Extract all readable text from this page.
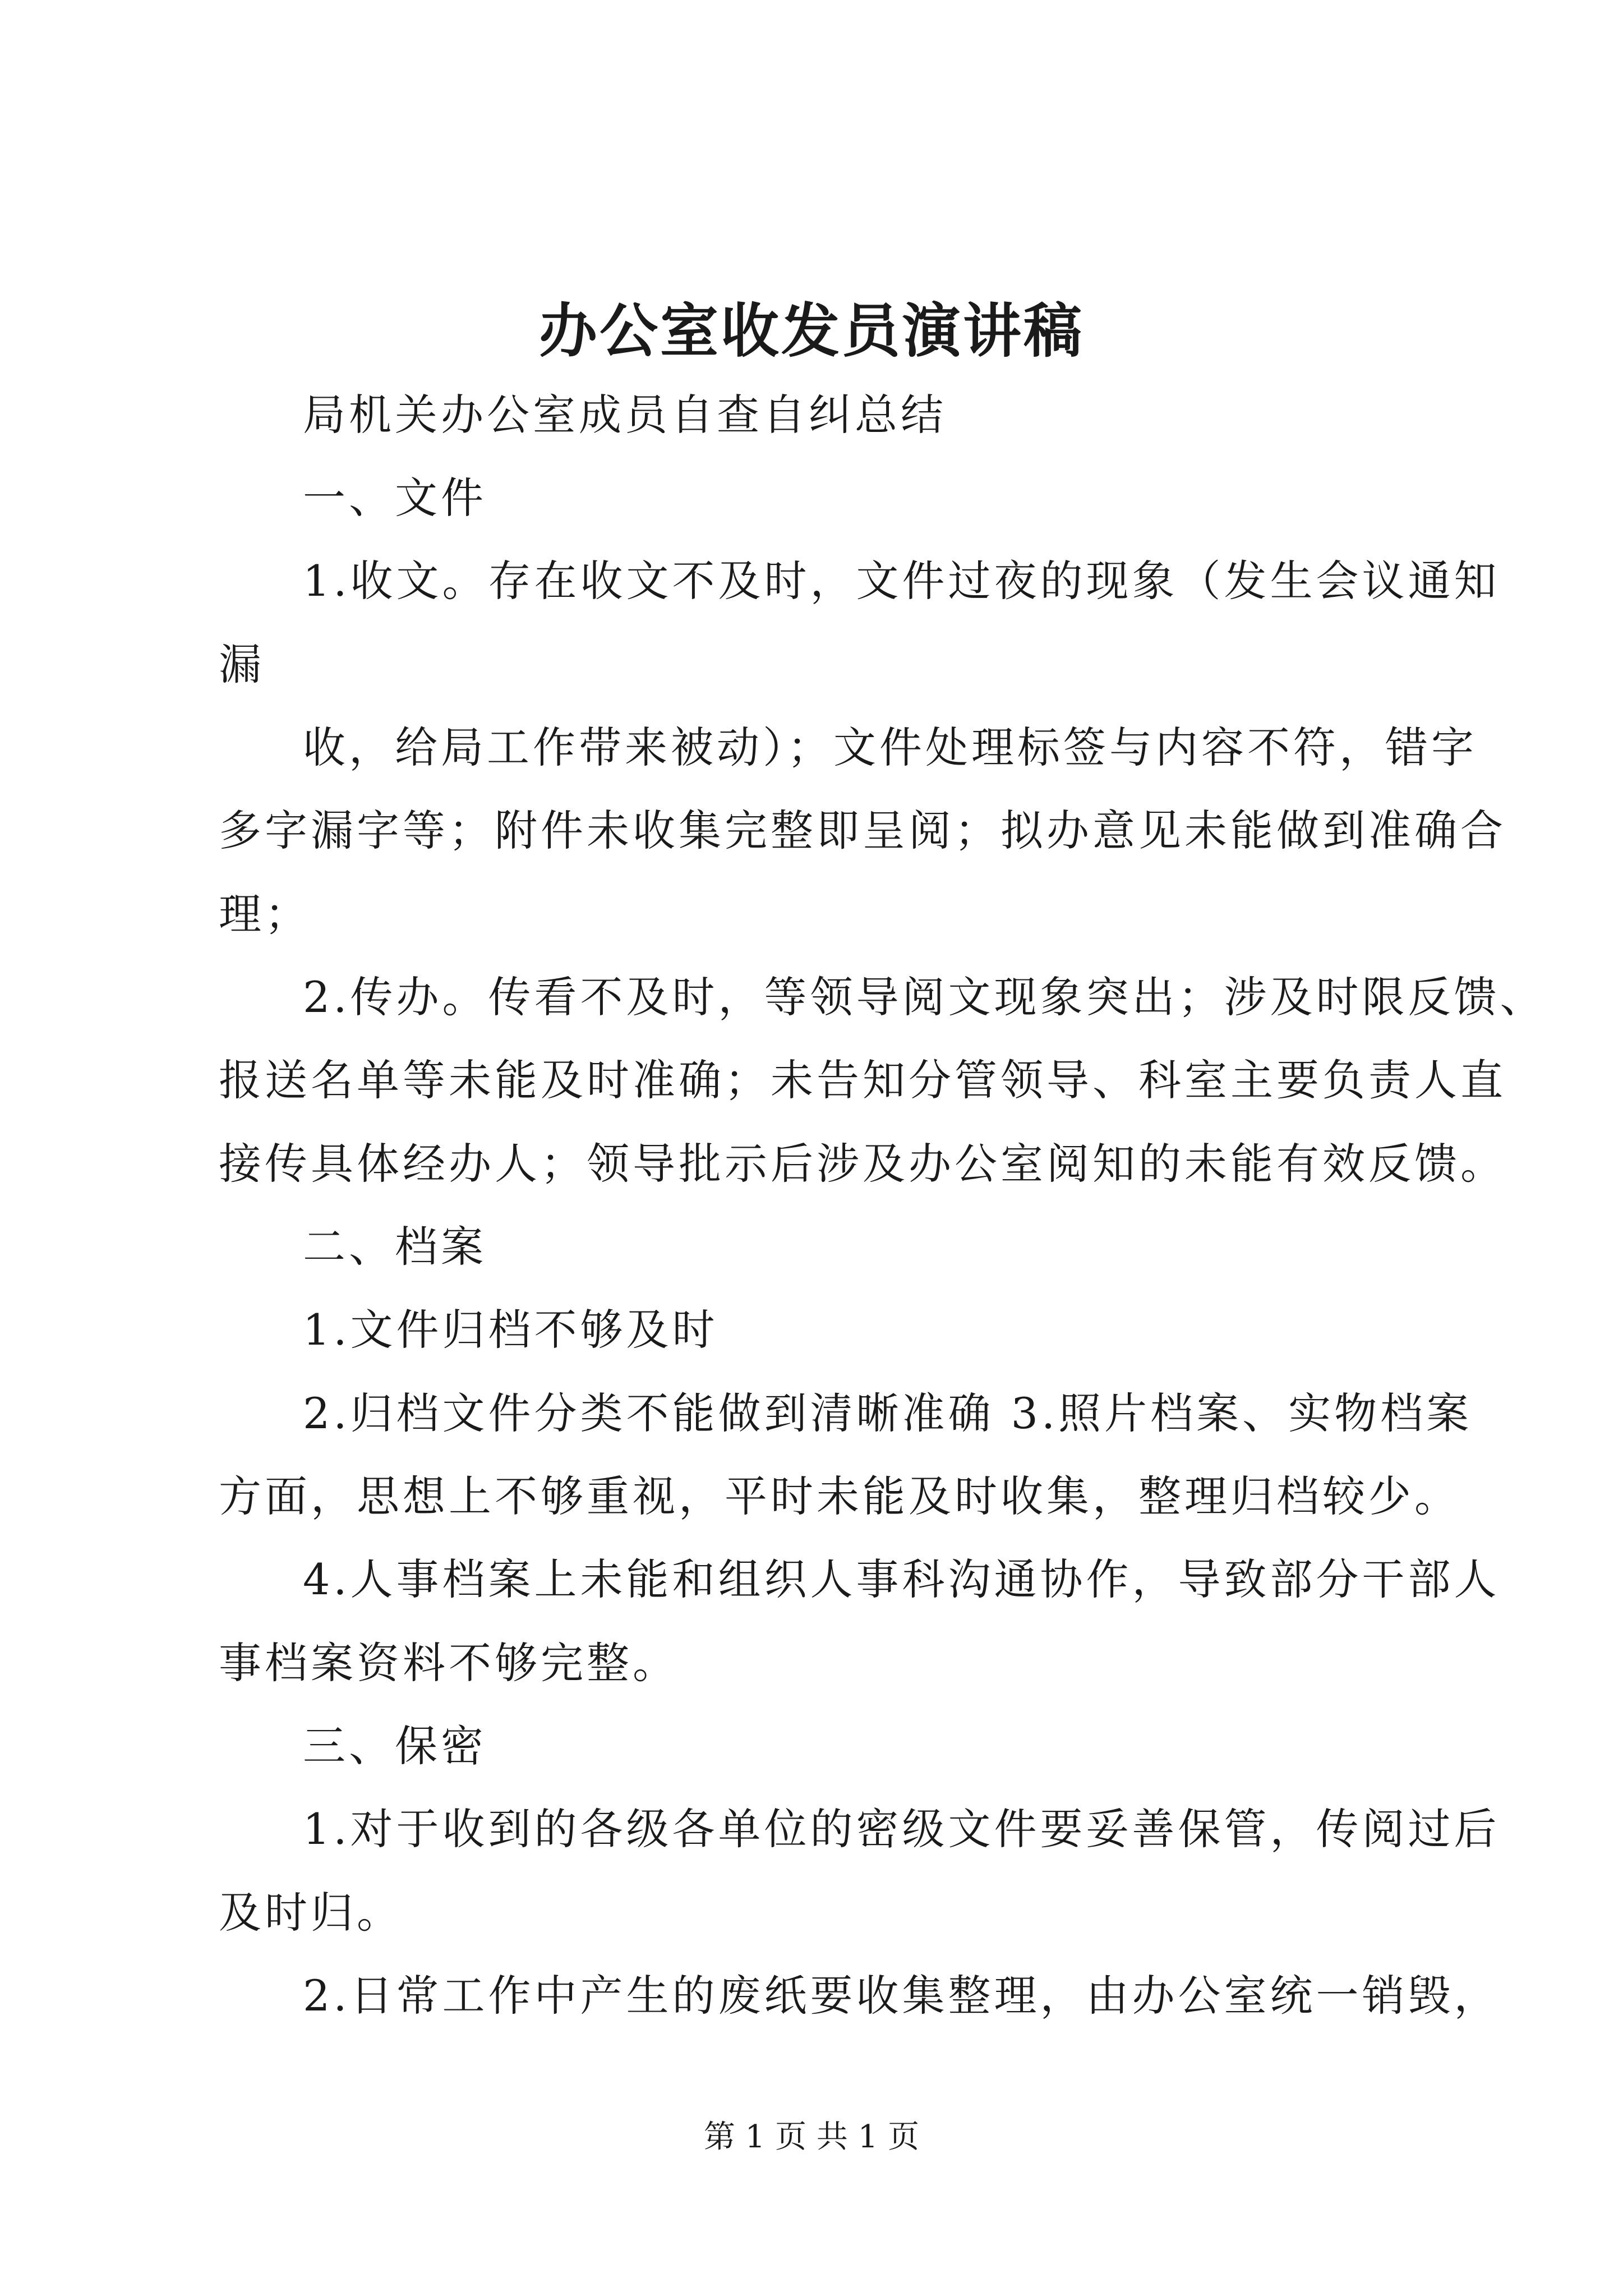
办公室收发员演讲稿
局机关办公室成员自查自纠总结
一、文件
1.收文。存在收文不及时，文件过夜的现象（发生会议通知
漏
收，给局工作带来被动）；文件处理标签与内容不符，错字
多字漏字等；附件未收集完整即呈阅；拟办意见未能做到准确合
理；
2.传办。传看不及时，等领导阅文现象突出；涉及时限反馈、
报送名单等未能及时准确；未告知分管领导、科室主要负责人直
接传具体经办人；领导批示后涉及办公室阅知的未能有效反馈。
二、档案
1.文件归档不够及时
2.归档文件分类不能做到清晰准确 3.照片档案、实物档案
方面，思想上不够重视，平时未能及时收集，整理归档较少。
4.人事档案上未能和组织人事科沟通协作，导致部分干部人
事档案资料不够完整。
三、保密
1.对于收到的各级各单位的密级文件要妥善保管，传阅过后
及时归。
2.日常工作中产生的废纸要收集整理，由办公室统一销毁，
第 1 页 共 1 页
